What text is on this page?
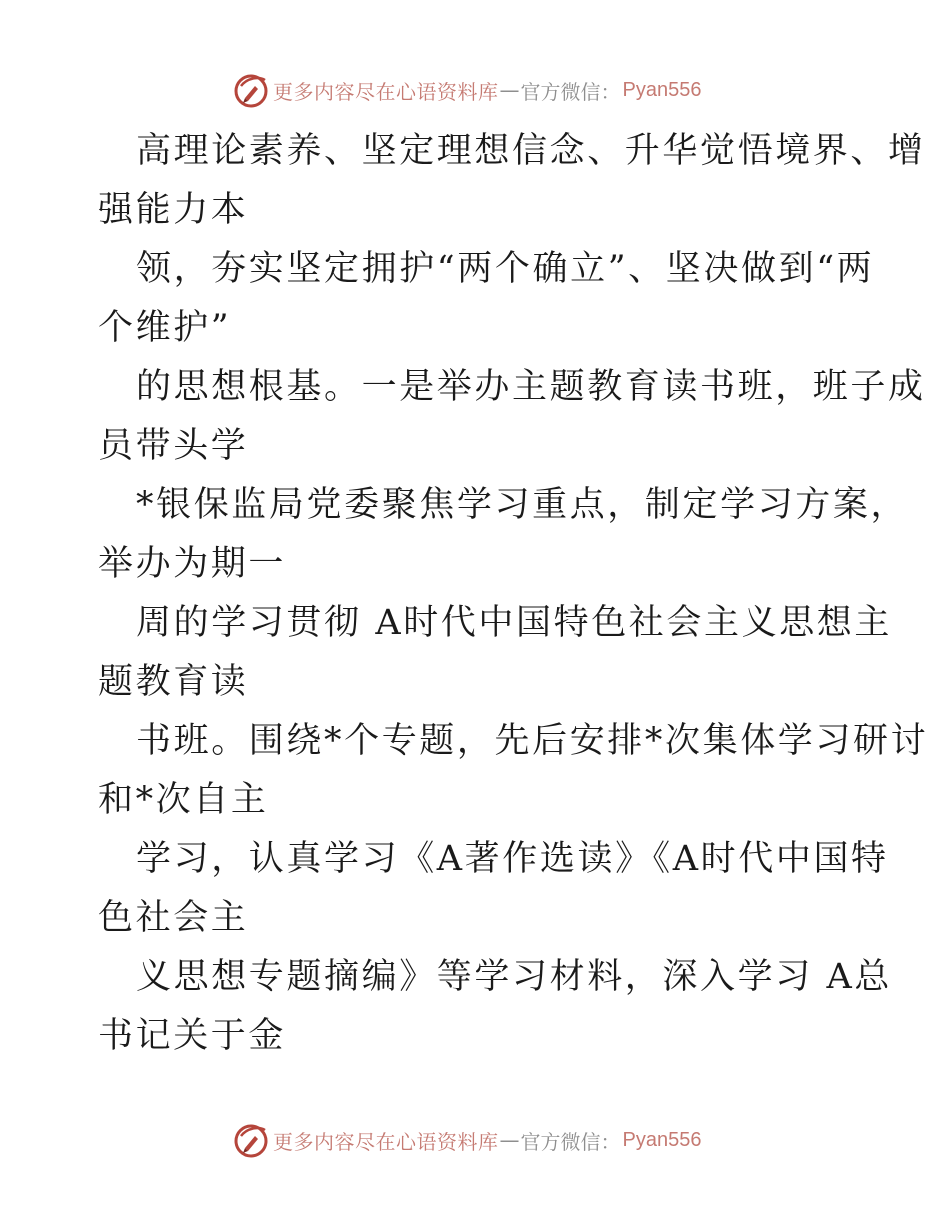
更多内容尽在心语资料库 — 官方微信： Pyan556
高理论素养、坚定理想信念、升华觉悟境界、增
强能力本
领，夯实坚定拥护“两个确立”、坚决做到“两
个维护”
的思想根基。一是举办主题教育读书班，班子成
员带头学
*银保监局党委聚焦学习重点，制定学习方案，
举办为期一
周的学习贯彻 A时代中国特色社会主义思想主
题教育读
书班。围绕*个专题，先后安排*次集体学习研讨
和*次自主
学习，认真学习《A著作选读》《A时代中国特
色社会主
义思想专题摘编》等学习材料，深入学习 A总
书记关于金
更多内容尽在心语资料库 — 官方微信： Pyan556
